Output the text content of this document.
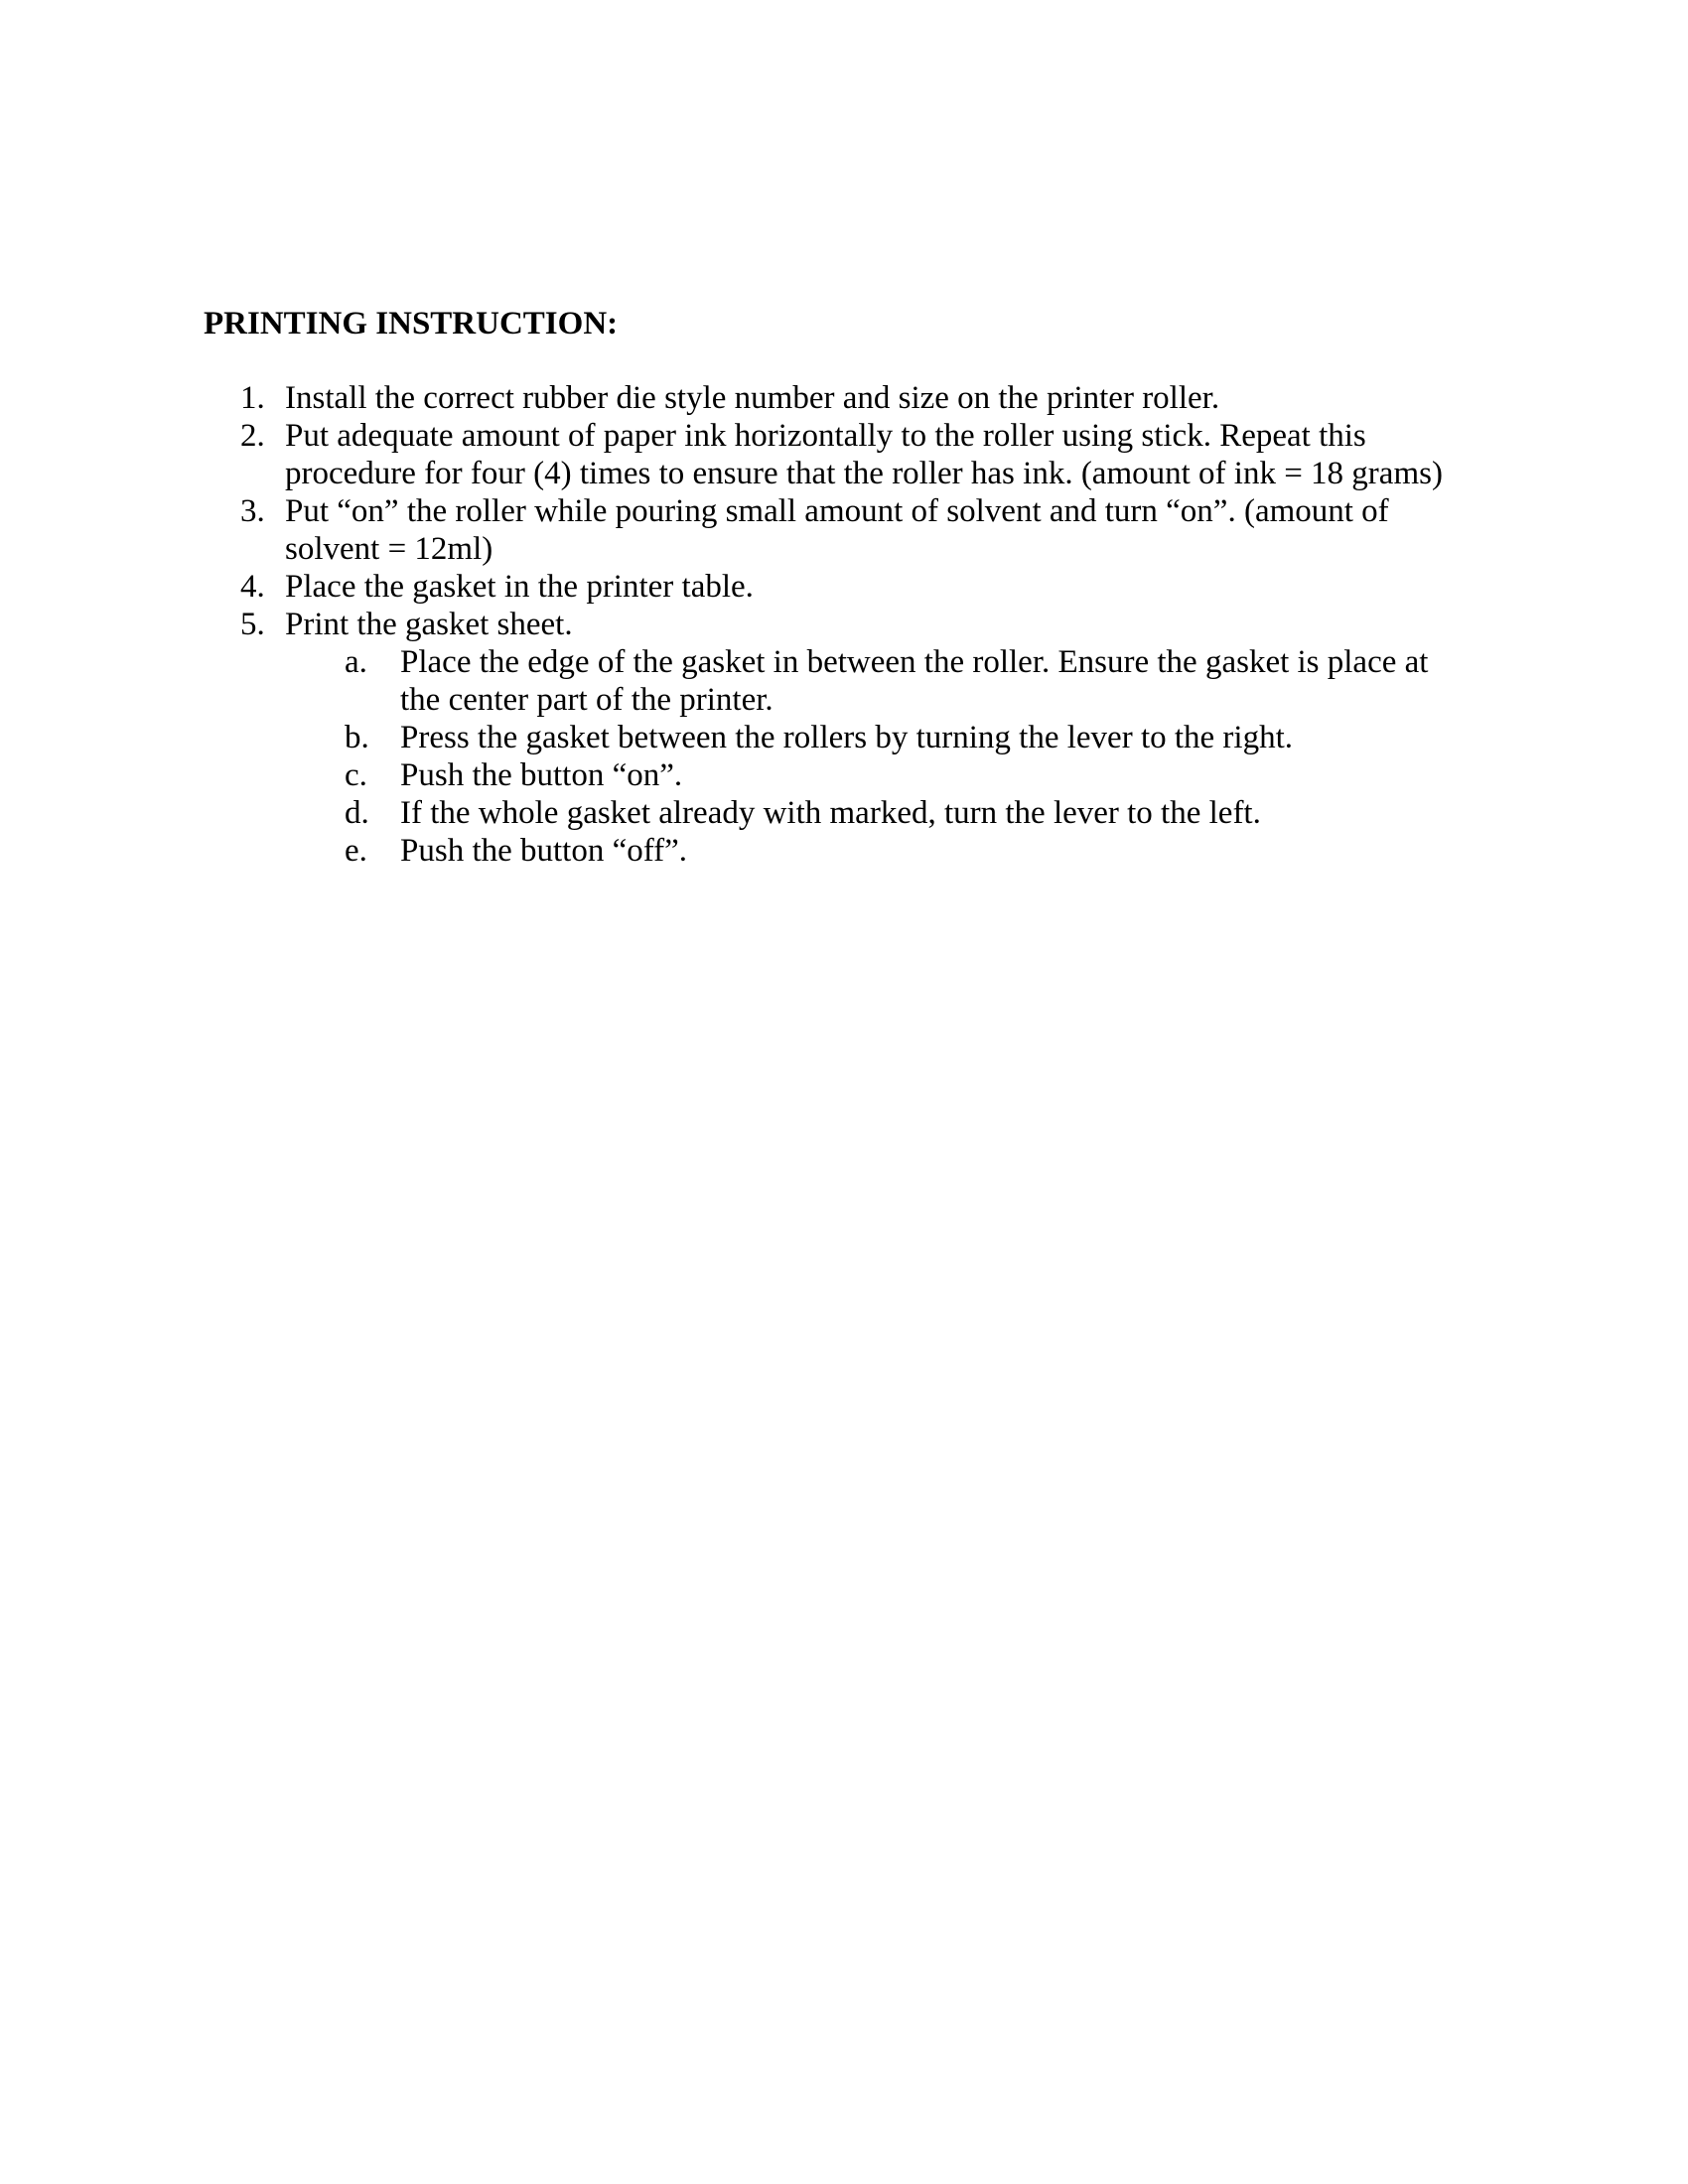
PRINTING INSTRUCTION:
1. Install the correct rubber die style number and size on the printer roller.
2. Put adequate amount of paper ink horizontally to the roller using stick. Repeat this
procedure for four (4) times to ensure that the roller has ink. (amount of ink = 18 grams)
3. Put “on” the roller while pouring small amount of solvent and turn “on”. (amount of
solvent = 12ml)
4. Place the gasket in the printer table.
5. Print the gasket sheet.
a.	Place the edge of the gasket in between the roller. Ensure the gasket is place at
the center part of the printer.
b. Press the gasket between the rollers by turning the lever to the right.
c.	Push the button “on”.
d. If the whole gasket already with marked, turn the lever to the left.
e.	Push the button “off”.
